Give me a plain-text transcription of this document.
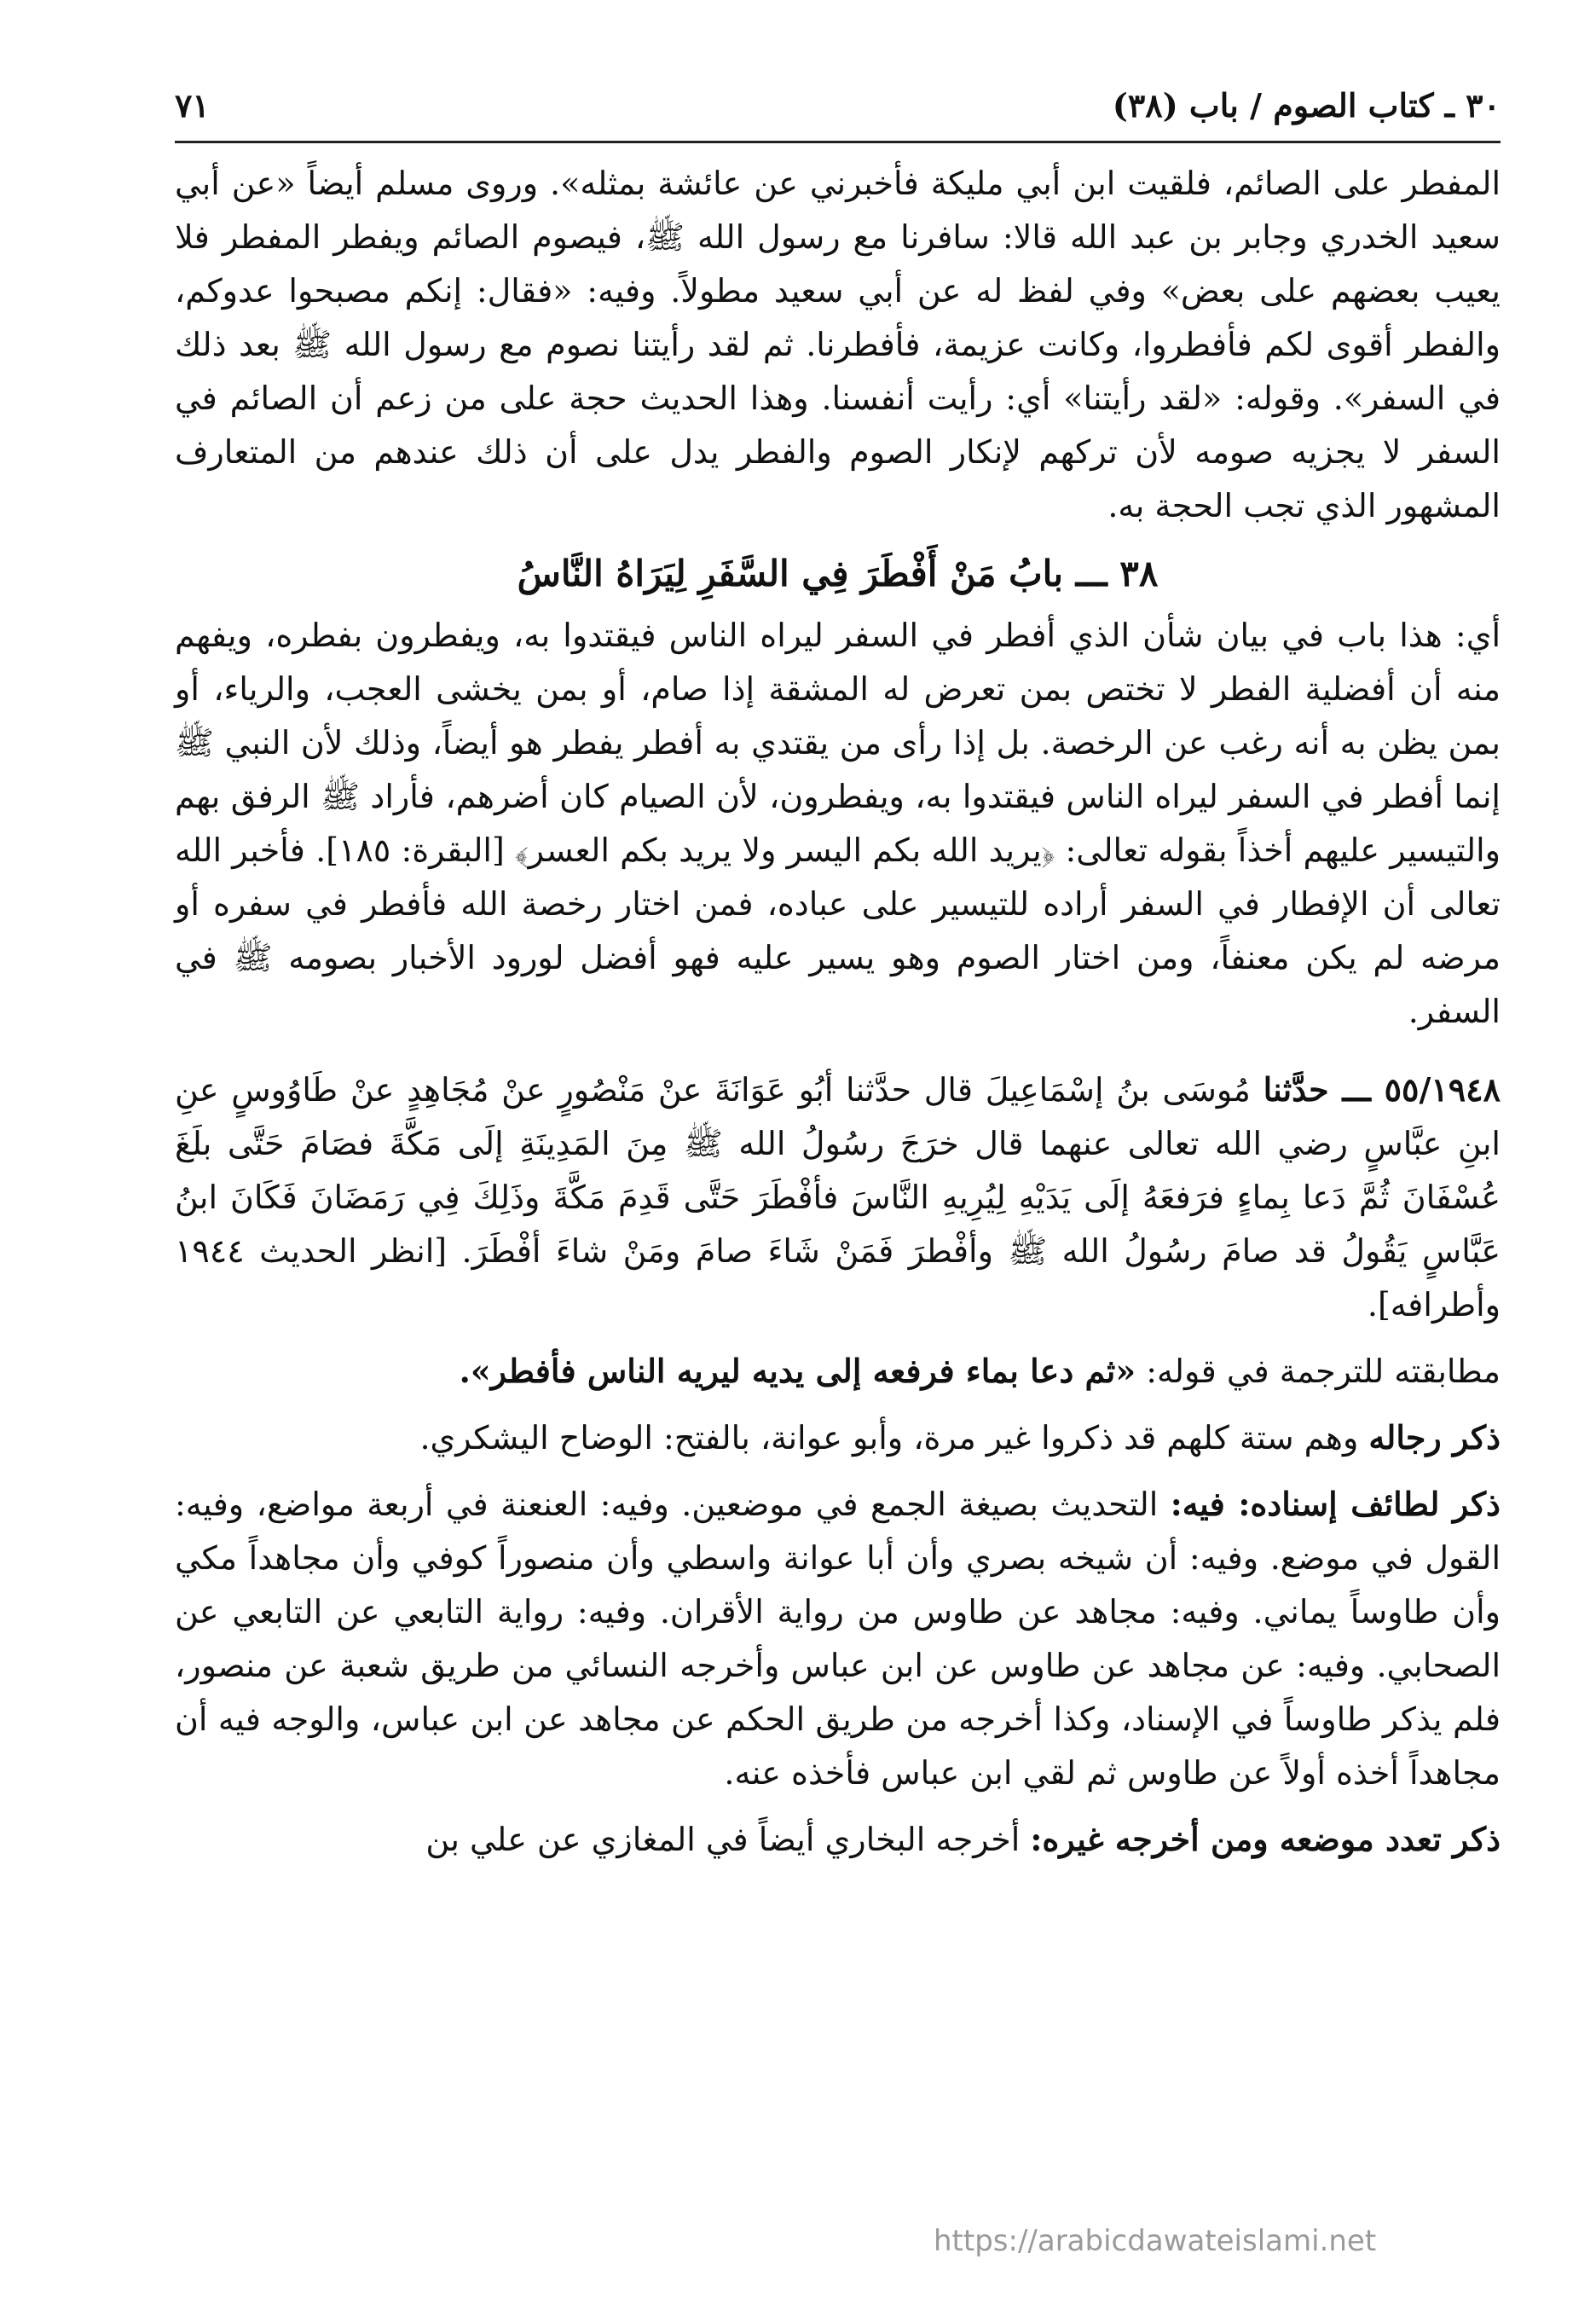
٣٠ ـ كتاب الصوم / باب (٣٨)
٧١

المفطر على الصائم، فلقيت ابن أبي مليكة فأخبرني عن عائشة بمثله». وروى مسلم أيضاً «عن أبي سعيد الخدري وجابر بن عبد الله قالا: سافرنا مع رسول الله ﷺ، فيصوم الصائم ويفطر المفطر فلا يعيب بعضهم على بعض» وفي لفظ له عن أبي سعيد مطولاً. وفيه: «فقال: إنكم مصبحوا عدوكم، والفطر أقوى لكم فأفطروا، وكانت عزيمة، فأفطرنا. ثم لقد رأيتنا نصوم مع رسول الله ﷺ بعد ذلك في السفر». وقوله: «لقد رأيتنا» أي: رأيت أنفسنا. وهذا الحديث حجة على من زعم أن الصائم في السفر لا يجزيه صومه لأن تركهم لإنكار الصوم والفطر يدل على أن ذلك عندهم من المتعارف المشهور الذي تجب الحجة به.

٣٨ ـــ بابُ مَنْ أَفْطَرَ فِي السَّفَرِ لِيَرَاهُ النَّاسُ

أي: هذا باب في بيان شأن الذي أفطر في السفر ليراه الناس فيقتدوا به، ويفطرون بفطره، ويفهم منه أن أفضلية الفطر لا تختص بمن تعرض له المشقة إذا صام، أو بمن يخشى العجب، والرياء، أو بمن يظن به أنه رغب عن الرخصة. بل إذا رأى من يقتدي به أفطر يفطر هو أيضاً، وذلك لأن النبي ﷺ إنما أفطر في السفر ليراه الناس فيقتدوا به، ويفطرون، لأن الصيام كان أضرهم، فأراد ﷺ الرفق بهم والتيسير عليهم أخذاً بقوله تعالى: ﴿يريد الله بكم اليسر ولا يريد بكم العسر﴾ [البقرة: ١٨٥]. فأخبر الله تعالى أن الإفطار في السفر أراده للتيسير على عباده، فمن اختار رخصة الله فأفطر في سفره أو مرضه لم يكن معنفاً، ومن اختار الصوم وهو يسير عليه فهو أفضل لورود الأخبار بصومه ﷺ في السفر.

٥٥/١٩٤٨ ـــ حدَّثنا مُوسَى بنُ إسْمَاعِيلَ قال حدَّثنا أبُو عَوَانَةَ عنْ مَنْصُورٍ عنْ مُجَاهِدٍ عنْ طَاوُوسٍ عنِ ابنِ عبَّاسٍ رضي الله تعالى عنهما قال خرَجَ رسُولُ الله ﷺ مِنَ المَدِينَةِ إلَى مَكَّةَ فصَامَ حَتَّى بلَغَ عُسْفَانَ ثُمَّ دَعا بِماءٍ فرَفعَهُ إلَى يَدَيْهِ لِيُرِيهِ النَّاسَ فأفْطَرَ حَتَّى قَدِمَ مَكَّةَ وذَلِكَ فِي رَمَضَانَ فَكَانَ ابنُ عَبَّاسٍ يَقُولُ قد صامَ رسُولُ الله ﷺ وأفْطرَ فَمَنْ شَاءَ صامَ ومَنْ شاءَ أفْطَرَ. [انظر الحديث ١٩٤٤ وأطرافه].

مطابقته للترجمة في قوله: «ثم دعا بماء فرفعه إلى يديه ليريه الناس فأفطر».

ذكر رجاله وهم ستة كلهم قد ذكروا غير مرة، وأبو عوانة، بالفتح: الوضاح اليشكري.

ذكر لطائف إسناده: فيه: التحديث بصيغة الجمع في موضعين. وفيه: العنعنة في أربعة مواضع، وفيه: القول في موضع. وفيه: أن شيخه بصري وأن أبا عوانة واسطي وأن منصوراً كوفي وأن مجاهداً مكي وأن طاوساً يماني. وفيه: مجاهد عن طاوس من رواية الأقران. وفيه: رواية التابعي عن التابعي عن الصحابي. وفيه: عن مجاهد عن طاوس عن ابن عباس وأخرجه النسائي من طريق شعبة عن منصور، فلم يذكر طاوساً في الإسناد، وكذا أخرجه من طريق الحكم عن مجاهد عن ابن عباس، والوجه فيه أن مجاهداً أخذه أولاً عن طاوس ثم لقي ابن عباس فأخذه عنه.

ذكر تعدد موضعه ومن أخرجه غيره: أخرجه البخاري أيضاً في المغازي عن علي بن

https://arabicdawateislami.net
